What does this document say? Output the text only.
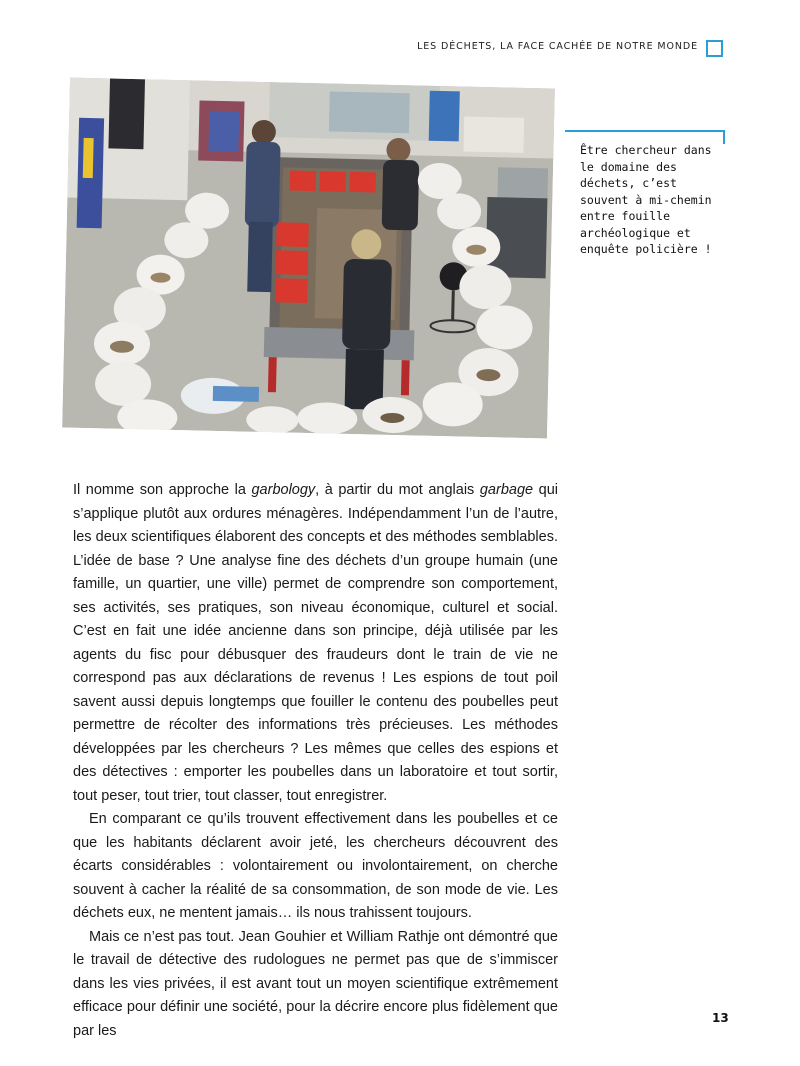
LES DÉCHETS, LA FACE CACHÉE DE NOTRE MONDE
Être chercheur dans le domaine des déchets, c’est souvent à mi-chemin entre fouille archéologique et enquête policière !

Il nomme son approche la garbology, à partir du mot anglais garbage qui s’applique plutôt aux ordures ménagères. Indépendamment l’un de l’autre, les deux scientifiques élaborent des concepts et des méthodes semblables. L’idée de base ? Une analyse fine des déchets d’un groupe humain (une famille, un quartier, une ville) permet de comprendre son comportement, ses activités, ses pratiques, son niveau économique, culturel et social. C’est en fait une idée ancienne dans son principe, déjà utilisée par les agents du fisc pour débusquer des fraudeurs dont le train de vie ne correspond pas aux déclarations de revenus ! Les espions de tout poil savent aussi depuis longtemps que fouiller le contenu des poubelles peut permettre de récolter des informations très précieuses. Les méthodes développées par les chercheurs ? Les mêmes que celles des espions et des détectives : emporter les poubelles dans un laboratoire et tout sortir, tout peser, tout trier, tout classer, tout enregistrer.

En comparant ce qu’ils trouvent effectivement dans les poubelles et ce que les habitants déclarent avoir jeté, les chercheurs découvrent des écarts considérables : volontairement ou involontairement, on cherche souvent à cacher la réalité de sa consommation, de son mode de vie. Les déchets eux, ne mentent jamais… ils nous trahissent toujours.

Mais ce n’est pas tout. Jean Gouhier et William Rathje ont démontré que le travail de détective des rudologues ne permet pas que de s’immiscer dans les vies privées, il est avant tout un moyen scientifique extrêmement efficace pour définir une société, pour la décrire encore plus fidèlement que par les

13
